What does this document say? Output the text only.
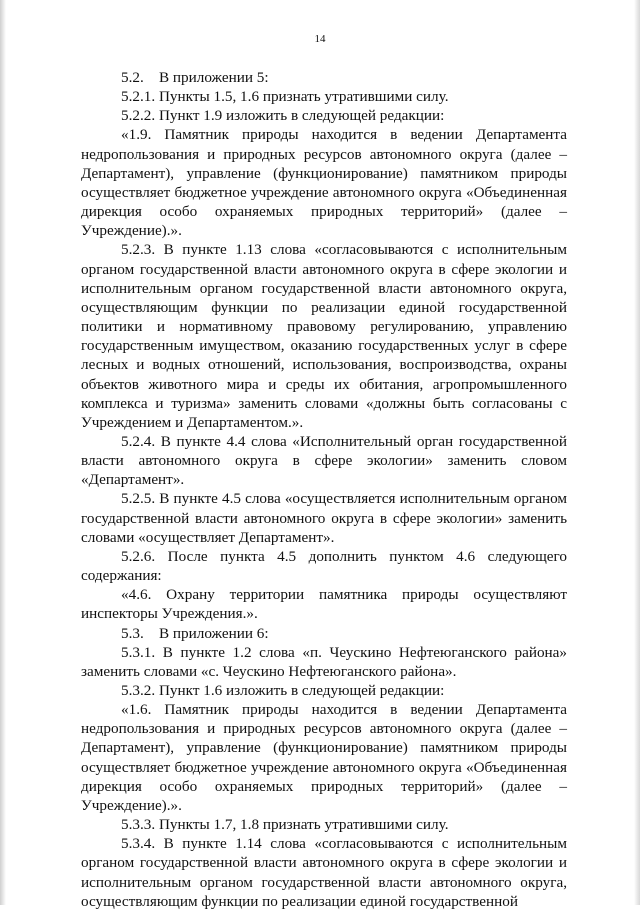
14

5.2.    В приложении 5:

5.2.1. Пункты 1.5, 1.6 признать утратившими силу.

5.2.2. Пункт 1.9 изложить в следующей редакции:

«1.9. Памятник природы находится в ведении Департамента недропользования и природных ресурсов автономного округа (далее – Департамент), управление (функционирование) памятником природы осуществляет бюджетное учреждение автономного округа «Объединенная дирекция особо охраняемых природных территорий» (далее – Учреждение).».

5.2.3. В пункте 1.13 слова «согласовываются с исполнительным органом государственной власти автономного округа в сфере экологии и исполнительным органом государственной власти автономного округа, осуществляющим функции по реализации единой государственной политики и нормативному правовому регулированию, управлению государственным имуществом, оказанию государственных услуг в сфере лесных и водных отношений, использования, воспроизводства, охраны объектов животного мира и среды их обитания, агропромышленного комплекса и туризма» заменить словами «должны быть согласованы с Учреждением и Департаментом.».

5.2.4. В пункте 4.4 слова «Исполнительный орган государственной власти автономного округа в сфере экологии» заменить словом «Департамент».

5.2.5. В пункте 4.5 слова «осуществляется исполнительным органом государственной власти автономного округа в сфере экологии» заменить словами «осуществляет Департамент».

5.2.6. После пункта 4.5 дополнить пунктом 4.6 следующего содержания:

«4.6. Охрану территории памятника природы осуществляют инспекторы Учреждения.».

5.3.    В приложении 6:

5.3.1. В пункте 1.2 слова «п. Чеускино Нефтеюганского района» заменить словами «с. Чеускино Нефтеюганского района».

5.3.2. Пункт 1.6 изложить в следующей редакции:

«1.6. Памятник природы находится в ведении Департамента недропользования и природных ресурсов автономного округа (далее – Департамент), управление (функционирование) памятником природы осуществляет бюджетное учреждение автономного округа «Объединенная дирекция особо охраняемых природных территорий» (далее – Учреждение).».

5.3.3. Пункты 1.7, 1.8 признать утратившими силу.

5.3.4. В пункте 1.14 слова «согласовываются с исполнительным органом государственной власти автономного округа в сфере экологии и исполнительным органом государственной власти автономного округа, осуществляющим функции по реализации единой государственной
